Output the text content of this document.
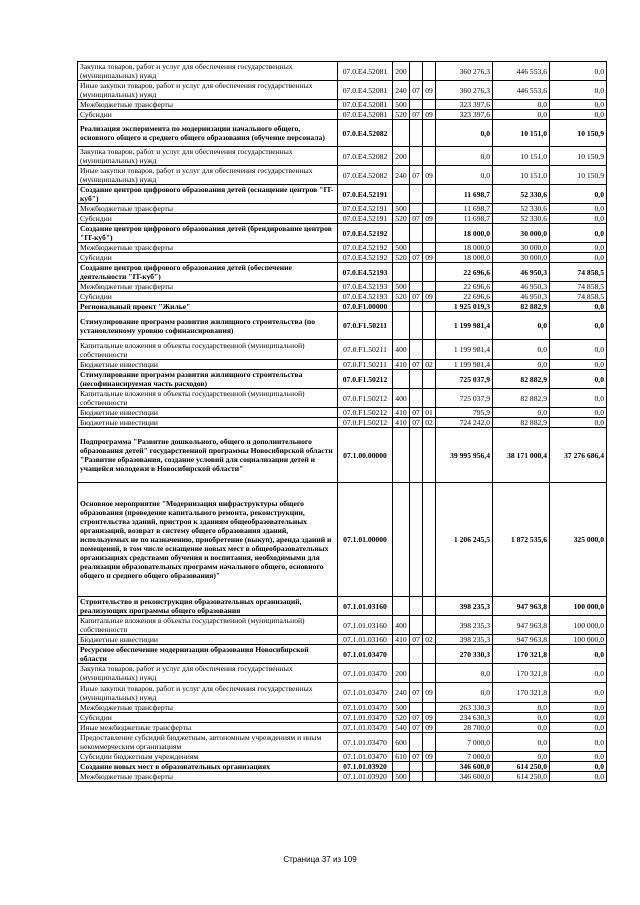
Закупка товаров, работ и услуг для обеспечения государственных (муниципальных) нужд	07.0.E4.52081	200			360 276,3	446 553,6	0,0
Иные закупки товаров, работ и услуг для обеспечения государственных (муниципальных) нужд	07.0.E4.52081	240	07	09	360 276,3	446 553,6	0,0
Межбюджетные трансферты	07.0.E4.52081	500			323 397,6	0,0	0,0
Субсидии	07.0.E4.52081	520	07	09	323 397,6	0,0	0,0
Реализация эксперимента по модернизации начального общего, основного общего и среднего общего образования (обучение персонала)	07.0.E4.52082				0,0	10 151,0	10 150,9
Закупка товаров, работ и услуг для обеспечения государственных (муниципальных) нужд	07.0.E4.52082	200			0,0	10 151,0	10 150,9
Иные закупки товаров, работ и услуг для обеспечения государственных (муниципальных) нужд	07.0.E4.52082	240	07	09	0,0	10 151,0	10 150,9
Создание центров цифрового образования детей (оснащение центров "IT-куб")	07.0.E4.52191				11 698,7	52 330,6	0,0
Межбюджетные трансферты	07.0.E4.52191	500			11 698,7	52 330,6	0,0
Субсидии	07.0.E4.52191	520	07	09	11 698,7	52 330,6	0,0
Создание центров цифрового образования детей (брендирование центров "IT-куб")	07.0.E4.52192				18 000,0	30 000,0	0,0
Межбюджетные трансферты	07.0.E4.52192	500			18 000,0	30 000,0	0,0
Субсидии	07.0.E4.52192	520	07	09	18 000,0	30 000,0	0,0
Создание центров цифрового образования детей (обеспечение деятельности "IT-куб")	07.0.E4.52193				22 696,6	46 950,3	74 858,5
Межбюджетные трансферты	07.0.E4.52193	500			22 696,6	46 950,3	74 858,5
Субсидии	07.0.E4.52193	520	07	09	22 696,6	46 950,3	74 858,5
Региональный проект "Жилье"	07.0.F1.00000				1 925 019,3	82 882,9	0,0
Стимулирование программ развития жилищного строительства (по установленному уровню софинансирования)	07.0.F1.50211				1 199 981,4	0,0	0,0
Капитальные вложения в объекты государственной (муниципальной) собственности	07.0.F1.50211	400			1 199 981,4	0,0	0,0
Бюджетные инвестиции	07.0.F1.50211	410	07	02	1 199 981,4	0,0	0,0
Стимулирование программ развития жилищного строительства (несофинансируемая часть расходов)	07.0.F1.50212				725 037,9	82 882,9	0,0
Капитальные вложения в объекты государственной (муниципальной) собственности	07.0.F1.50212	400			725 037,9	82 882,9	0,0
Бюджетные инвестиции	07.0.F1.50212	410	07	01	795,9	0,0	0,0
Бюджетные инвестиции	07.0.F1.50212	410	07	02	724 242,0	82 882,9	0,0
Подпрограмма "Развитие дошкольного, общего и дополнительного образования детей" государственной программы Новосибирской области "Развитие образования, создание условий для социализации детей и учащейся молодежи в Новосибирской области"	07.1.00.00000				39 995 956,4	38 171 000,4	37 276 686,4
Основное мероприятие "Модернизация инфраструктуры общего образования (проведение капитального ремонта, реконструкции, строительства зданий, пристроя к зданиям общеобразовательных организаций, возврат в систему общего образования зданий, используемых не по назначению, приобретение (выкуп), аренда зданий и помещений, в том числе оснащение новых мест в общеобразовательных организациях средствами обучения и воспитания, необходимыми для реализации образовательных программ начального общего, основного общего и среднего общего образования)"	07.1.01.00000				1 206 245,5	1 872 535,6	325 000,0
Строительство и реконструкция образовательных организаций, реализующих программы общего образования	07.1.01.03160				398 235,3	947 963,8	100 000,0
Капитальные вложения в объекты государственной (муниципальной) собственности	07.1.01.03160	400			398 235,3	947 963,8	100 000,0
Бюджетные инвестиции	07.1.01.03160	410	07	02	398 235,3	947 963,8	100 000,0
Ресурсное обеспечение модернизации образования Новосибирской области	07.1.01.03470				270 330,3	170 321,8	0,0
Закупка товаров, работ и услуг для обеспечения государственных (муниципальных) нужд	07.1.01.03470	200			0,0	170 321,8	0,0
Иные закупки товаров, работ и услуг для обеспечения государственных (муниципальных) нужд	07.1.01.03470	240	07	09	0,0	170 321,8	0,0
Межбюджетные трансферты	07.1.01.03470	500			263 330,3	0,0	0,0
Субсидии	07.1.01.03470	520	07	09	234 630,3	0,0	0,0
Иные межбюджетные трансферты	07.1.01.03470	540	07	09	28 700,0	0,0	0,0
Предоставление субсидий бюджетным, автономным учреждениям и иным некоммерческим организациям	07.1.01.03470	600			7 000,0	0,0	0,0
Субсидии бюджетным учреждениям	07.1.01.03470	610	07	09	7 000,0	0,0	0,0
Создание новых мест в образовательных организациях	07.1.01.03920				346 600,0	614 250,0	0,0
Межбюджетные трансферты	07.1.01.03920	500			346 600,0	614 250,0	0,0
Страница 37 из 109
